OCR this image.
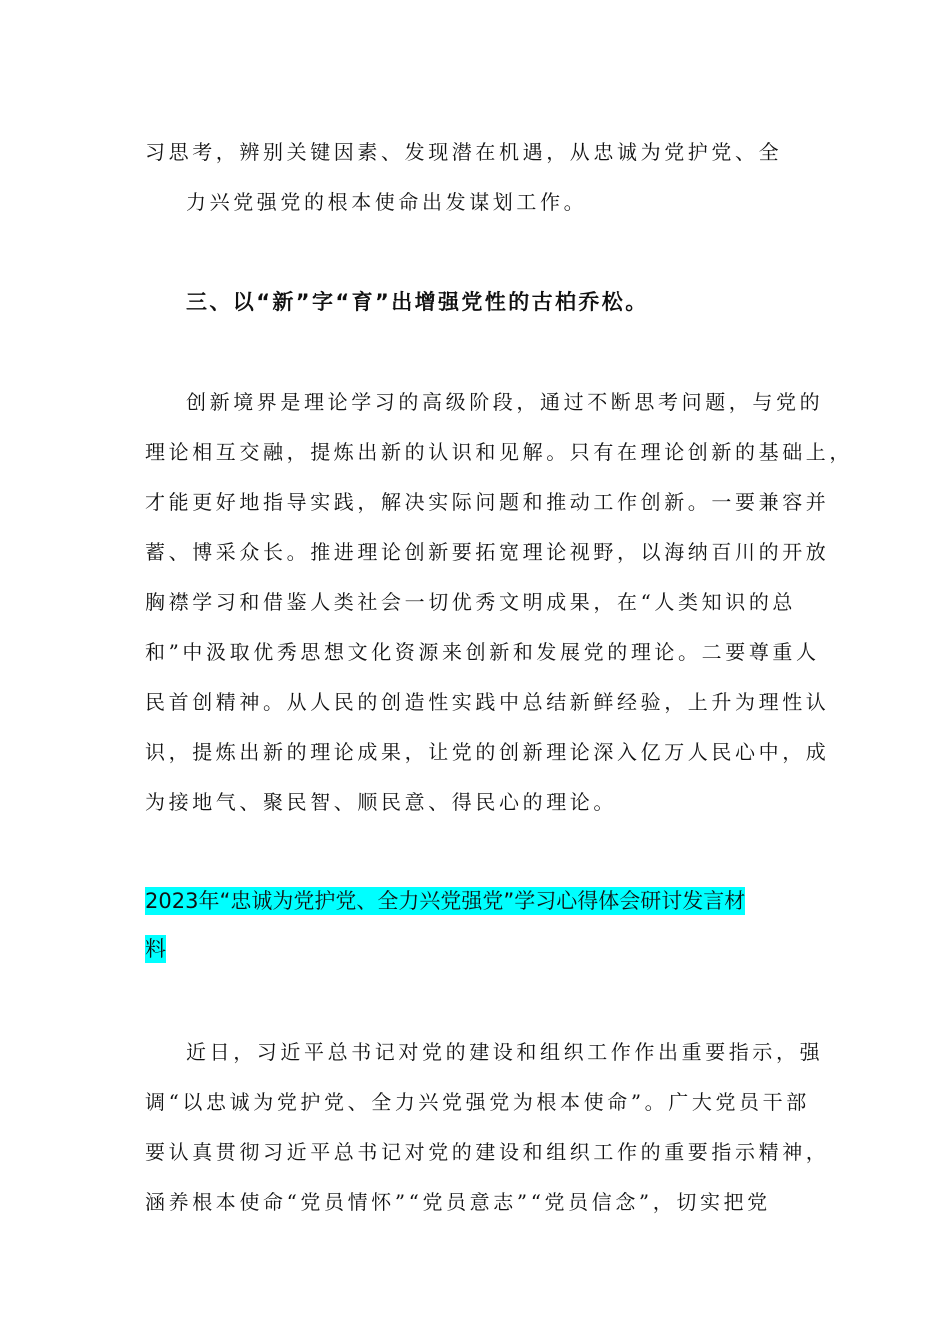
习思考，辨别关键因素、发现潜在机遇，从忠诚为党护党、全
力兴党强党的根本使命出发谋划工作。
三、以“新”字“育”出增强党性的古柏乔松。
创新境界是理论学习的高级阶段，通过不断思考问题，与党的
理论相互交融，提炼出新的认识和见解。只有在理论创新的基础上，
才能更好地指导实践，解决实际问题和推动工作创新。一要兼容并
蓄、博采众长。推进理论创新要拓宽理论视野，以海纳百川的开放
胸襟学习和借鉴人类社会一切优秀文明成果，在“人类知识的总
和”中汲取优秀思想文化资源来创新和发展党的理论。二要尊重人
民首创精神。从人民的创造性实践中总结新鲜经验，上升为理性认
识，提炼出新的理论成果，让党的创新理论深入亿万人民心中，成
为接地气、聚民智、顺民意、得民心的理论。
2023年“忠诚为党护党、全力兴党强党”学习心得体会研讨发言材
料
近日，习近平总书记对党的建设和组织工作作出重要指示，强
调“以忠诚为党护党、全力兴党强党为根本使命”。广大党员干部
要认真贯彻习近平总书记对党的建设和组织工作的重要指示精神，
涵养根本使命“党员情怀”“党员意志”“党员信念”，切实把党
